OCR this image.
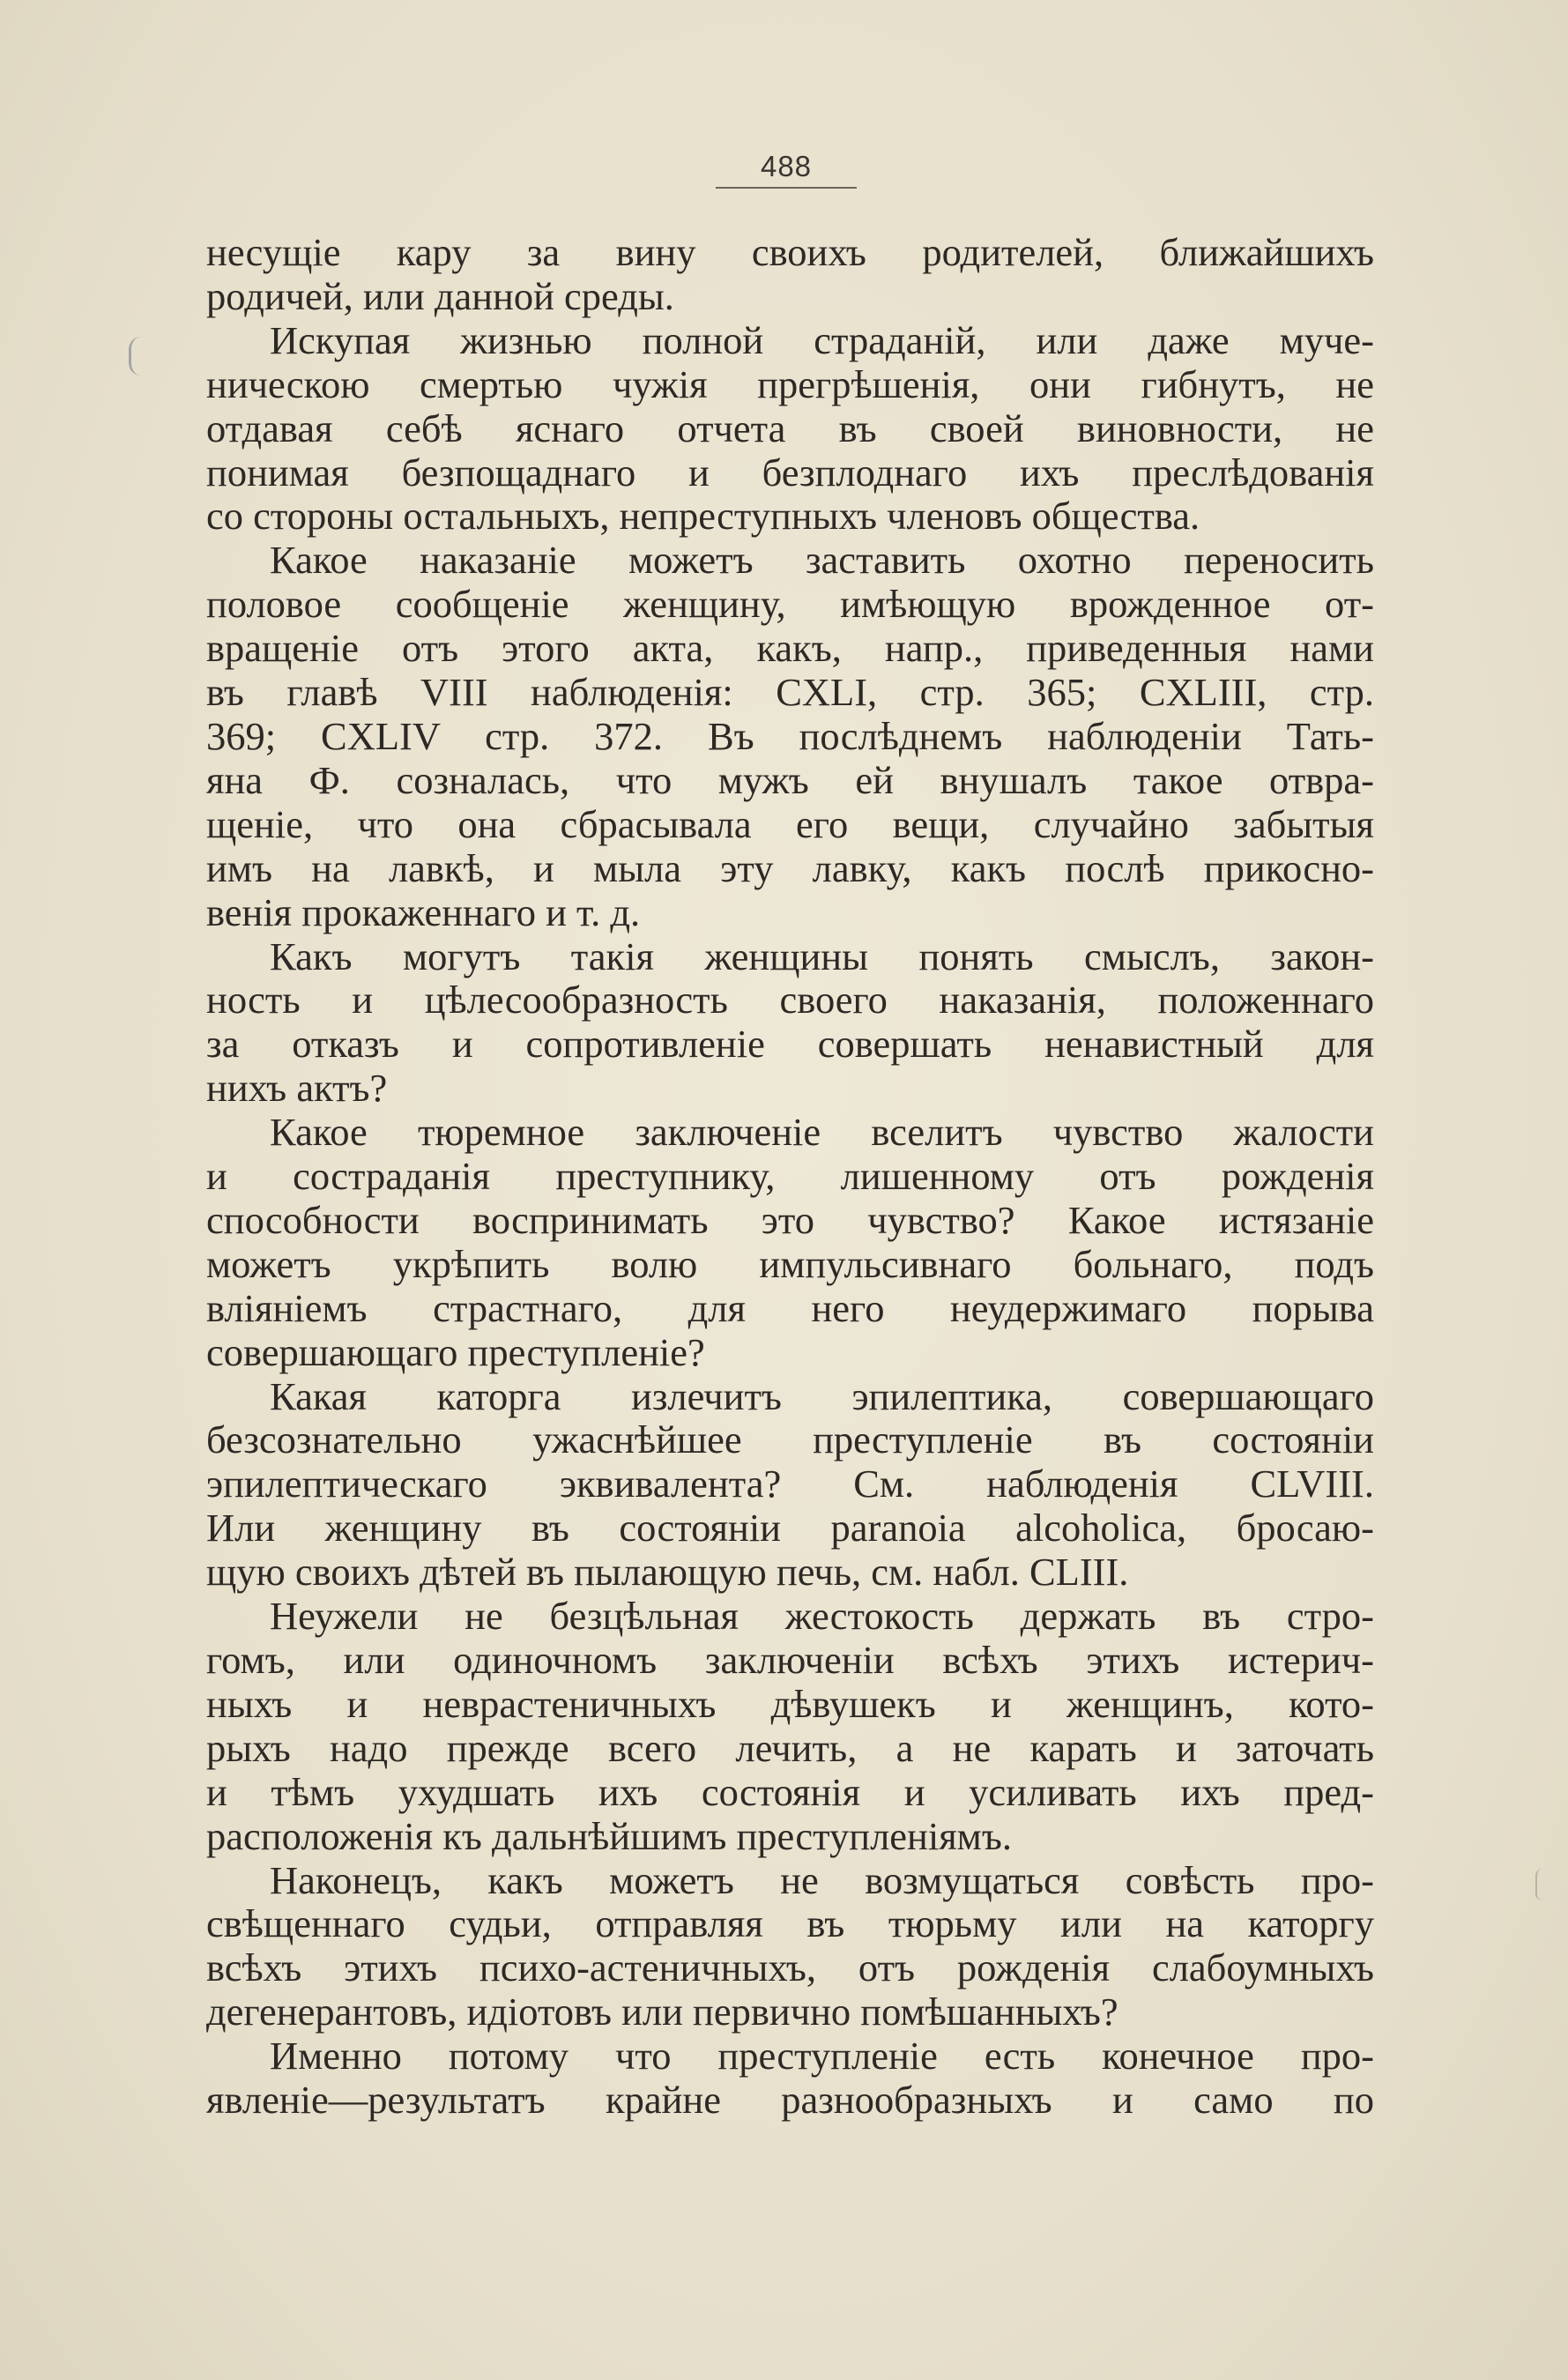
488
несущіе кару за вину своихъ родителей, ближайшихъ
родичей, или данной среды.
Искупая жизнью полной страданій, или даже муче-
ническою смертью чужія прегрѣшенія, они гибнутъ, не
отдавая себѣ яснаго отчета въ своей виновности, не
понимая безпощаднаго и безплоднаго ихъ преслѣдованія
со стороны остальныхъ, непреступныхъ членовъ общества.
Какое наказаніе можетъ заставить охотно переносить
половое сообщеніе женщину, имѣющую врожденное от-
вращеніе отъ этого акта, какъ, напр., приведенныя нами
въ главѣ VIII наблюденія: CXLI, стр. 365; CXLIII, стр.
369; CXLIV стр. 372. Въ послѣднемъ наблюденіи Тать-
яна Ф. созналась, что мужъ ей внушалъ такое отвра-
щеніе, что она сбрасывала его вещи, случайно забытыя
имъ на лавкѣ, и мыла эту лавку, какъ послѣ прикосно-
венія прокаженнаго и т. д.
Какъ могутъ такія женщины понять смыслъ, закон-
ность и цѣлесообразность своего наказанія, положеннаго
за отказъ и сопротивленіе совершать ненавистный для
нихъ актъ?
Какое тюремное заключеніе вселитъ чувство жалости
и состраданія преступнику, лишенному отъ рожденія
способности воспринимать это чувство? Какое истязаніе
можетъ укрѣпить волю импульсивнаго больнаго, подъ
вліяніемъ страстнаго, для него неудержимаго порыва
совершающаго преступленіе?
Какая каторга излечитъ эпилептика, совершающаго
безсознательно ужаснѣйшее преступленіе въ состояніи
эпилептическаго эквивалента? См. наблюденія CLVIII.
Или женщину въ состояніи paranoia alcoholica, бросаю-
щую своихъ дѣтей въ пылающую печь, см. набл. CLIII.
Неужели не безцѣльная жестокость держать въ стро-
гомъ, или одиночномъ заключеніи всѣхъ этихъ истерич-
ныхъ и неврастеничныхъ дѣвушекъ и женщинъ, кото-
рыхъ надо прежде всего лечить, а не карать и заточать
и тѣмъ ухудшать ихъ состоянія и усиливать ихъ пред-
расположенія къ дальнѣйшимъ преступленіямъ.
Наконецъ, какъ можетъ не возмущаться совѣсть про-
свѣщеннаго судьи, отправляя въ тюрьму или на каторгу
всѣхъ этихъ психо-астеничныхъ, отъ рожденія слабоумныхъ
дегенерантовъ, идіотовъ или первично помѣшанныхъ?
Именно потому что преступленіе есть конечное про-
явленіе—результатъ крайне разнообразныхъ и само по
